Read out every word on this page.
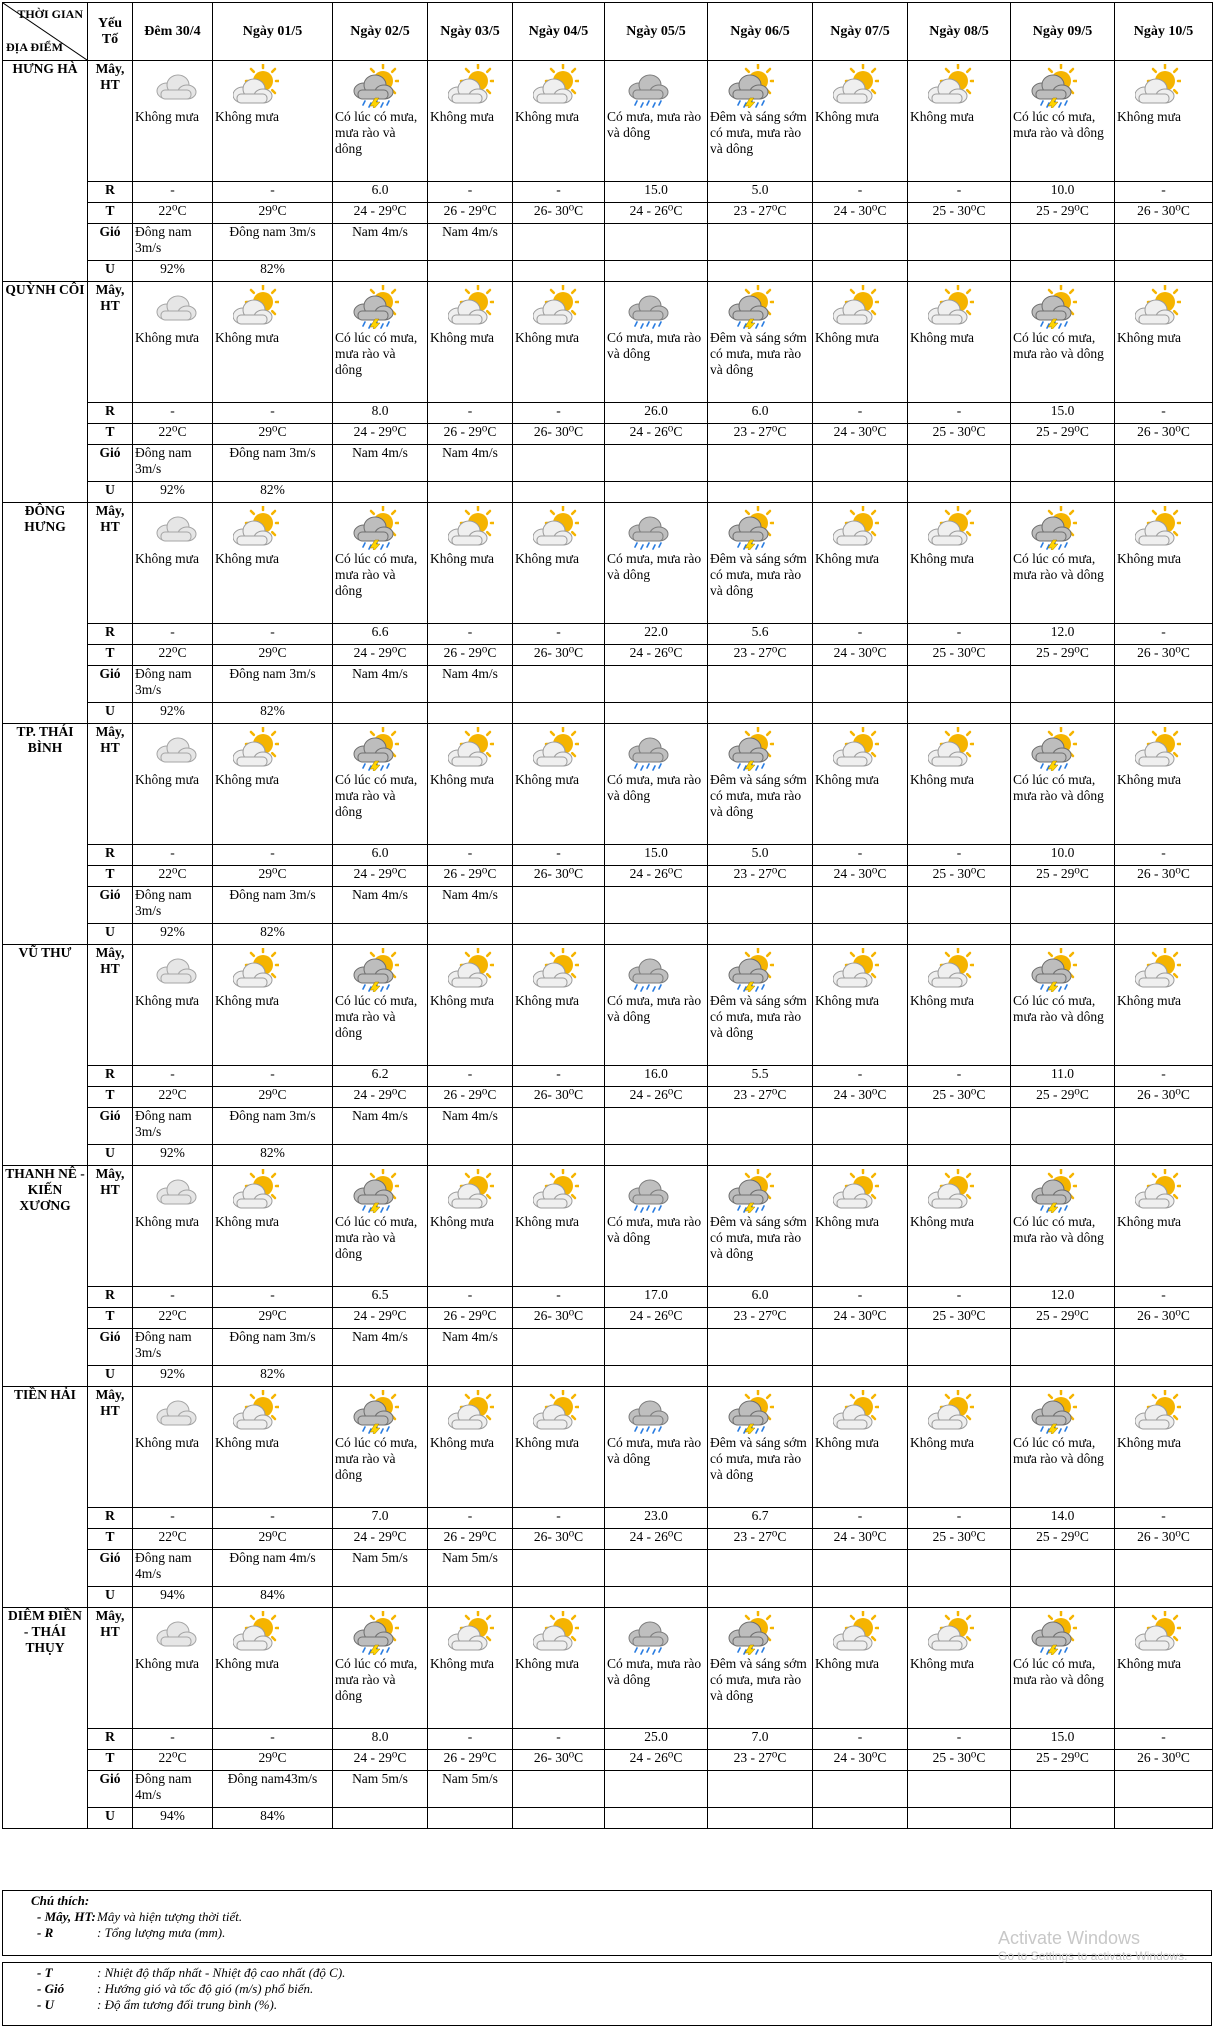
THỜI GIAN
ĐỊA ĐIỂM	Yếu Tố	Đêm 30/4	Ngày 01/5	Ngày 02/5	Ngày 03/5	Ngày 04/5	Ngày 05/5	Ngày 06/5	Ngày 07/5	Ngày 08/5	Ngày 09/5	Ngày 10/5
HƯNG HÀ	Mây, HT	Không mưa	Không mưa	Có lúc có mưa, mưa rào và dông	Không mưa	Không mưa	Có mưa, mưa rào và dông	Đêm và sáng sớm có mưa, mưa rào và dông	Không mưa	Không mưa	Có lúc có mưa, mưa rào và dông	Không mưa

	R	-	-	6.0	-	-	15.0	5.0	-	-	10.0	-
	T	22⁰C	29⁰C	24 - 29⁰C	26 - 29⁰C	26- 30⁰C	24 - 26⁰C	23 - 27⁰C	24 - 30⁰C	25 - 30⁰C	25 - 29⁰C	26 - 30⁰C
	Gió	Đông nam 3m/s	Đông nam 3m/s	Nam 4m/s	Nam 4m/s							
	U	92%	82%									
QUỲNH CÔI	Mây, HT	Không mưa	Không mưa	Có lúc có mưa, mưa rào và dông	Không mưa	Không mưa	Có mưa, mưa rào và dông	Đêm và sáng sớm có mưa, mưa rào và dông	Không mưa	Không mưa	Có lúc có mưa, mưa rào và dông	Không mưa

	R	-	-	8.0	-	-	26.0	6.0	-	-	15.0	-
	T	22⁰C	29⁰C	24 - 29⁰C	26 - 29⁰C	26- 30⁰C	24 - 26⁰C	23 - 27⁰C	24 - 30⁰C	25 - 30⁰C	25 - 29⁰C	26 - 30⁰C
	Gió	Đông nam 3m/s	Đông nam 3m/s	Nam 4m/s	Nam 4m/s							
	U	92%	82%									
ĐÔNG HƯNG	Mây, HT	Không mưa	Không mưa	Có lúc có mưa, mưa rào và dông	Không mưa	Không mưa	Có mưa, mưa rào và dông	Đêm và sáng sớm có mưa, mưa rào và dông	Không mưa	Không mưa	Có lúc có mưa, mưa rào và dông	Không mưa

	R	-	-	6.6	-	-	22.0	5.6	-	-	12.0	-
	T	22⁰C	29⁰C	24 - 29⁰C	26 - 29⁰C	26- 30⁰C	24 - 26⁰C	23 - 27⁰C	24 - 30⁰C	25 - 30⁰C	25 - 29⁰C	26 - 30⁰C
	Gió	Đông nam 3m/s	Đông nam 3m/s	Nam 4m/s	Nam 4m/s							
	U	92%	82%									
TP. THÁI BÌNH	Mây, HT	Không mưa	Không mưa	Có lúc có mưa, mưa rào và dông	Không mưa	Không mưa	Có mưa, mưa rào và dông	Đêm và sáng sớm có mưa, mưa rào và dông	Không mưa	Không mưa	Có lúc có mưa, mưa rào và dông	Không mưa

	R	-	-	6.0	-	-	15.0	5.0	-	-	10.0	-
	T	22⁰C	29⁰C	24 - 29⁰C	26 - 29⁰C	26- 30⁰C	24 - 26⁰C	23 - 27⁰C	24 - 30⁰C	25 - 30⁰C	25 - 29⁰C	26 - 30⁰C
	Gió	Đông nam 3m/s	Đông nam 3m/s	Nam 4m/s	Nam 4m/s							
	U	92%	82%									
VŨ THƯ	Mây, HT	Không mưa	Không mưa	Có lúc có mưa, mưa rào và dông	Không mưa	Không mưa	Có mưa, mưa rào và dông	Đêm và sáng sớm có mưa, mưa rào và dông	Không mưa	Không mưa	Có lúc có mưa, mưa rào và dông	Không mưa

	R	-	-	6.2	-	-	16.0	5.5	-	-	11.0	-
	T	22⁰C	29⁰C	24 - 29⁰C	26 - 29⁰C	26- 30⁰C	24 - 26⁰C	23 - 27⁰C	24 - 30⁰C	25 - 30⁰C	25 - 29⁰C	26 - 30⁰C
	Gió	Đông nam 3m/s	Đông nam 3m/s	Nam 4m/s	Nam 4m/s							
	U	92%	82%									
THANH NÊ -KIẾN XƯƠNG	Mây, HT	Không mưa	Không mưa	Có lúc có mưa, mưa rào và dông	Không mưa	Không mưa	Có mưa, mưa rào và dông	Đêm và sáng sớm có mưa, mưa rào và dông	Không mưa	Không mưa	Có lúc có mưa, mưa rào và dông	Không mưa

	R	-	-	6.5	-	-	17.0	6.0	-	-	12.0	-
	T	22⁰C	29⁰C	24 - 29⁰C	26 - 29⁰C	26- 30⁰C	24 - 26⁰C	23 - 27⁰C	24 - 30⁰C	25 - 30⁰C	25 - 29⁰C	26 - 30⁰C
	Gió	Đông nam 3m/s	Đông nam 3m/s	Nam 4m/s	Nam 4m/s							
	U	92%	82%									
TIỀN HẢI	Mây, HT	Không mưa	Không mưa	Có lúc có mưa, mưa rào và dông	Không mưa	Không mưa	Có mưa, mưa rào và dông	Đêm và sáng sớm có mưa, mưa rào và dông	Không mưa	Không mưa	Có lúc có mưa, mưa rào và dông	Không mưa

	R	-	-	7.0	-	-	23.0	6.7	-	-	14.0	-
	T	22⁰C	29⁰C	24 - 29⁰C	26 - 29⁰C	26- 30⁰C	24 - 26⁰C	23 - 27⁰C	24 - 30⁰C	25 - 30⁰C	25 - 29⁰C	26 - 30⁰C
	Gió	Đông nam 4m/s	Đông nam 4m/s	Nam 5m/s	Nam 5m/s							
	U	94%	84%									
DIÊM ĐIỀN - THÁI THỤY	Mây, HT	Không mưa	Không mưa	Có lúc có mưa, mưa rào và dông	Không mưa	Không mưa	Có mưa, mưa rào và dông	Đêm và sáng sớm có mưa, mưa rào và dông	Không mưa	Không mưa	Có lúc có mưa, mưa rào và dông	Không mưa

	R	-	-	8.0	-	-	25.0	7.0	-	-	15.0	-
	T	22⁰C	29⁰C	24 - 29⁰C	26 - 29⁰C	26- 30⁰C	24 - 26⁰C	23 - 27⁰C	24 - 30⁰C	25 - 30⁰C	25 - 29⁰C	26 - 30⁰C
	Gió	Đông nam 4m/s	Đông nam43m/s	Nam 5m/s	Nam 5m/s							
	U	94%	84%									
Chú thích:
- Mây, HT: Mây và hiện tượng thời tiết.
- R	: Tổng lượng mưa (mm).
- T	: Nhiệt độ thấp nhất - Nhiệt độ cao nhất (độ C).
- Gió	: Hướng gió và tốc độ gió (m/s) phổ biến.
- U	: Độ ẩm tương đối trung bình (%).
Activate Windows
Go to Settings to activate Windows.
